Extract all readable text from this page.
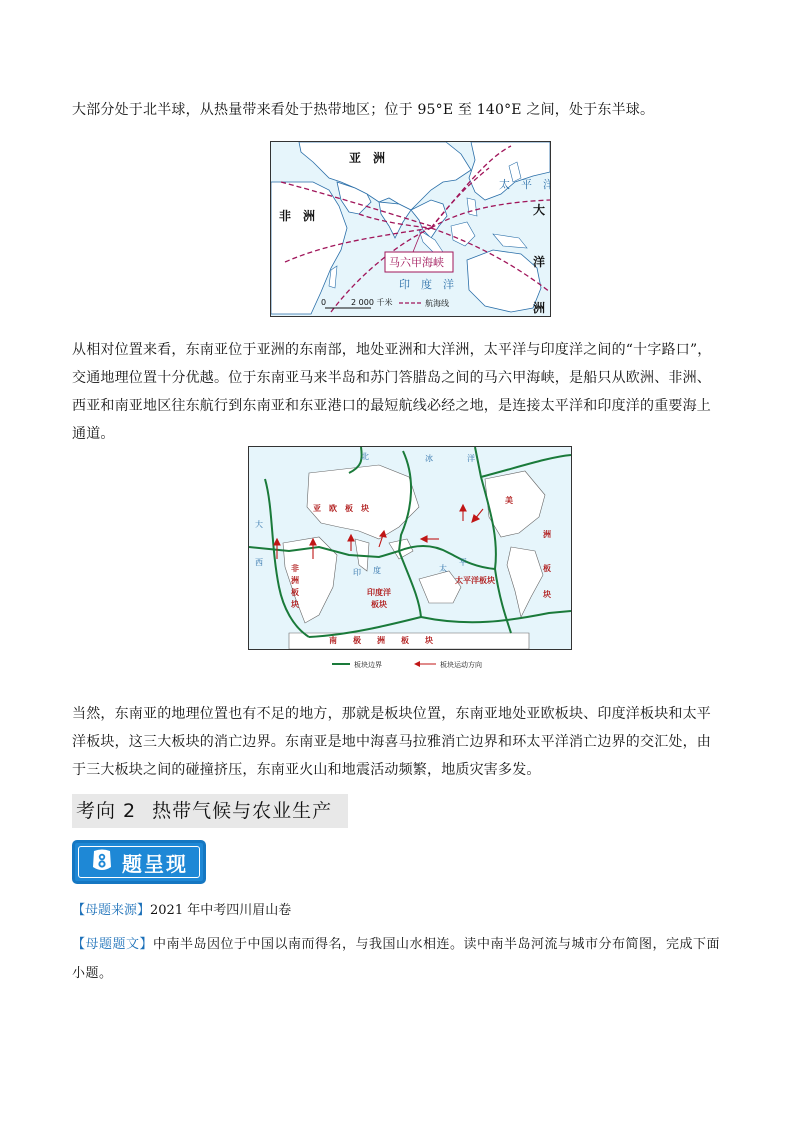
大部分处于北半球，从热量带来看处于热带地区；位于 95°E 至 140°E 之间，处于东半球。

亚　洲
非　洲
太　平　洋
大
洋
洲
印　度　洋
马六甲海峡
0	2 000 千米	航海线

从相对位置来看，东南亚位于亚洲的东南部，地处亚洲和大洋洲，太平洋与印度洋之间的“十字路口”，交通地理位置十分优越。位于东南亚马来半岛和苏门答腊岛之间的马六甲海峡，是船只从欧洲、非洲、西亚和南亚地区往东航行到东南亚和东亚港口的最短航线必经之地，是连接太平洋和印度洋的重要海上通道。

北	冰	洋
亚　欧　板　块
美
洲
板
块
非
洲
板
块
印度洋
板块
太平洋板块
太
平
大
西
印 度
南　　极　　洲　　板　　块
板块边界	板块运动方向

当然，东南亚的地理位置也有不足的地方，那就是板块位置，东南亚地处亚欧板块、印度洋板块和太平洋板块，这三大板块的消亡边界。东南亚是地中海喜马拉雅消亡边界和环太平洋消亡边界的交汇处，由于三大板块之间的碰撞挤压，东南亚火山和地震活动频繁，地质灾害多发。

考向 2 热带气候与农业生产
题呈现
【母题来源】2021 年中考四川眉山卷
【母题题文】中南半岛因位于中国以南而得名，与我国山水相连。读中南半岛河流与城市分布简图，完成下面小题。
